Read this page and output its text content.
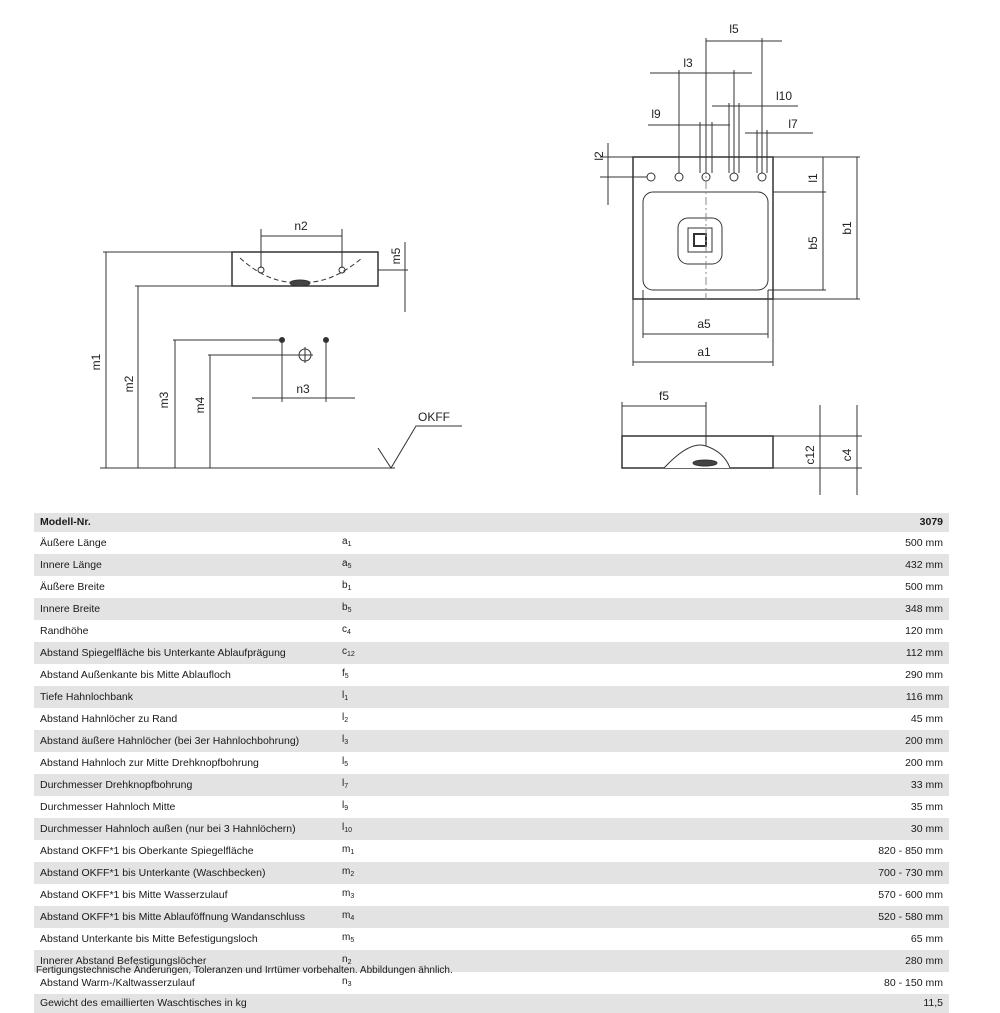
n2
m5
m1
m2
m3 m4
n3
OKFF
l5
l3
l10
l9
l7
l2
l1
b5
b1
a5
a1
f5
c12 c4
Modell-Nr.		3079
Äußere Länge	$a_1$	500 mm
Innere Länge	$a_5$	432 mm
Äußere Breite	$b_1$	500 mm
Innere Breite	$b_5$	348 mm
Randhöhe	$c_4$	120 mm
Abstand Spiegelfläche bis Unterkante Ablaufprägung	$c_{12}$	112 mm
Abstand Außenkante bis Mitte Ablaufloch	$f_5$	290 mm
Tiefe Hahnlochbank	$l_1$	116 mm
Abstand Hahnlöcher zu Rand	$l_2$	45 mm
Abstand äußere Hahnlöcher (bei 3er Hahnlochbohrung)	$l_3$	200 mm
Abstand Hahnloch zur Mitte Drehknopfbohrung	$l_5$	200 mm
Durchmesser Drehknopfbohrung	$l_7$	33 mm
Durchmesser Hahnloch Mitte	$l_9$	35 mm
Durchmesser Hahnloch außen (nur bei 3 Hahnlöchern)	$l_{10}$	30 mm
Abstand OKFF*1 bis Oberkante Spiegelfläche	$m_1$	820 - 850 mm
Abstand OKFF*1 bis Unterkante (Waschbecken)	$m_2$	700 - 730 mm
Abstand OKFF*1 bis Mitte Wasserzulauf	$m_3$	570 - 600 mm
Abstand OKFF*1 bis Mitte Ablauföffnung Wandanschluss	$m_4$	520 - 580 mm
Abstand Unterkante bis Mitte Befestigungsloch	$m_5$	65 mm
Innerer Abstand Befestigungslöcher	$n_2$	280 mm
Abstand Warm-/Kaltwasserzulauf	$n_3$	80 - 150 mm
Gewicht des emaillierten Waschtisches in kg		11,5
Fertigungstechnische Änderungen, Toleranzen und Irrtümer vorbehalten. Abbildungen ähnlich.
